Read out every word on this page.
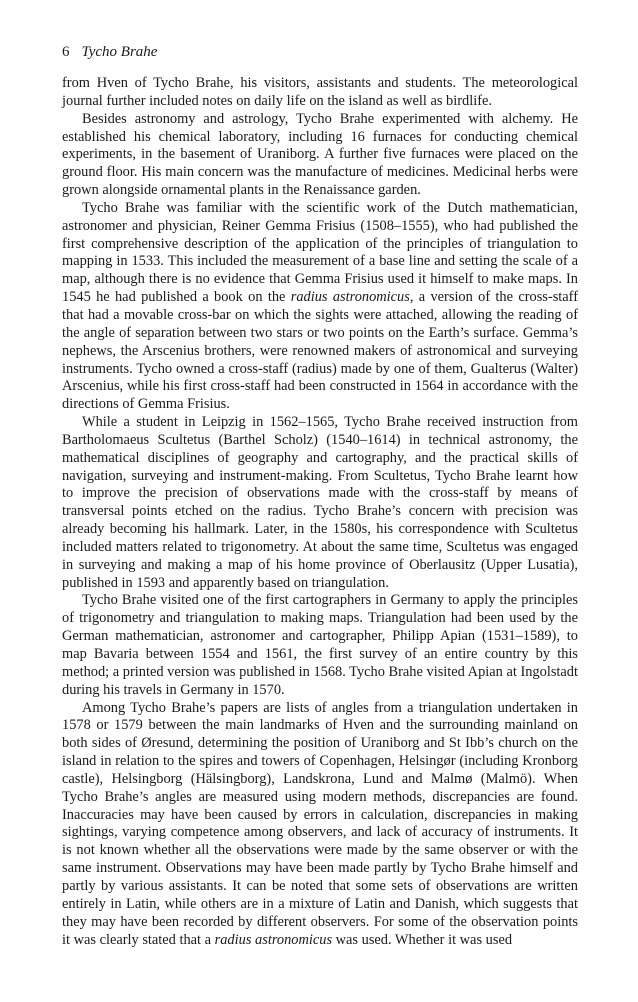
6 Tycho Brahe

from Hven of Tycho Brahe, his visitors, assistants and students. The meteorological journal further included notes on daily life on the island as well as birdlife.

Besides astronomy and astrology, Tycho Brahe experimented with alchemy. He established his chemical laboratory, including 16 furnaces for conducting chemical experiments, in the basement of Uraniborg. A further five furnaces were placed on the ground floor. His main concern was the manufacture of medicines. Medicinal herbs were grown alongside ornamental plants in the Renaissance garden.

Tycho Brahe was familiar with the scientific work of the Dutch mathematician, astronomer and physician, Reiner Gemma Frisius (1508–1555), who had published the first comprehensive description of the application of the principles of triangulation to mapping in 1533. This included the measurement of a base line and setting the scale of a map, although there is no evidence that Gemma Frisius used it himself to make maps. In 1545 he had published a book on the radius astronomicus, a version of the cross-staff that had a movable cross-bar on which the sights were attached, allowing the reading of the angle of separation between two stars or two points on the Earth’s surface. Gemma’s nephews, the Arscenius brothers, were renowned makers of astronomical and surveying instruments. Tycho owned a cross-staff (radius) made by one of them, Gualterus (Walter) Arscenius, while his first cross-staff had been constructed in 1564 in accordance with the directions of Gemma Frisius.

While a student in Leipzig in 1562–1565, Tycho Brahe received instruction from Bartholomaeus Scultetus (Barthel Scholz) (1540–1614) in technical astronomy, the mathematical disciplines of geography and cartography, and the practical skills of navigation, surveying and instrument-making. From Scultetus, Tycho Brahe learnt how to improve the precision of observations made with the cross-staff by means of transversal points etched on the radius. Tycho Brahe’s concern with precision was already becoming his hallmark. Later, in the 1580s, his correspondence with Scultetus included matters related to trigonometry. At about the same time, Scultetus was engaged in surveying and making a map of his home province of Oberlausitz (Upper Lusatia), published in 1593 and apparently based on triangulation.

Tycho Brahe visited one of the first cartographers in Germany to apply the principles of trigonometry and triangulation to making maps. Triangulation had been used by the German mathematician, astronomer and cartographer, Philipp Apian (1531–1589), to map Bavaria between 1554 and 1561, the first survey of an entire country by this method; a printed version was published in 1568. Tycho Brahe visited Apian at Ingolstadt during his travels in Germany in 1570.

Among Tycho Brahe’s papers are lists of angles from a triangulation undertaken in 1578 or 1579 between the main landmarks of Hven and the surrounding mainland on both sides of Øresund, determining the position of Uraniborg and St Ibb’s church on the island in relation to the spires and towers of Copenhagen, Helsingør (including Kronborg castle), Helsingborg (Hälsingborg), Landskrona, Lund and Malmø (Malmö). When Tycho Brahe’s angles are measured using modern methods, discrepancies are found. Inaccuracies may have been caused by errors in calculation, discrepancies in making sightings, varying competence among observers, and lack of accuracy of instruments. It is not known whether all the observations were made by the same observer or with the same instrument. Observations may have been made partly by Tycho Brahe himself and partly by various assistants. It can be noted that some sets of observations are written entirely in Latin, while others are in a mixture of Latin and Danish, which suggests that they may have been recorded by different observers. For some of the observation points it was clearly stated that a radius astronomicus was used. Whether it was used
